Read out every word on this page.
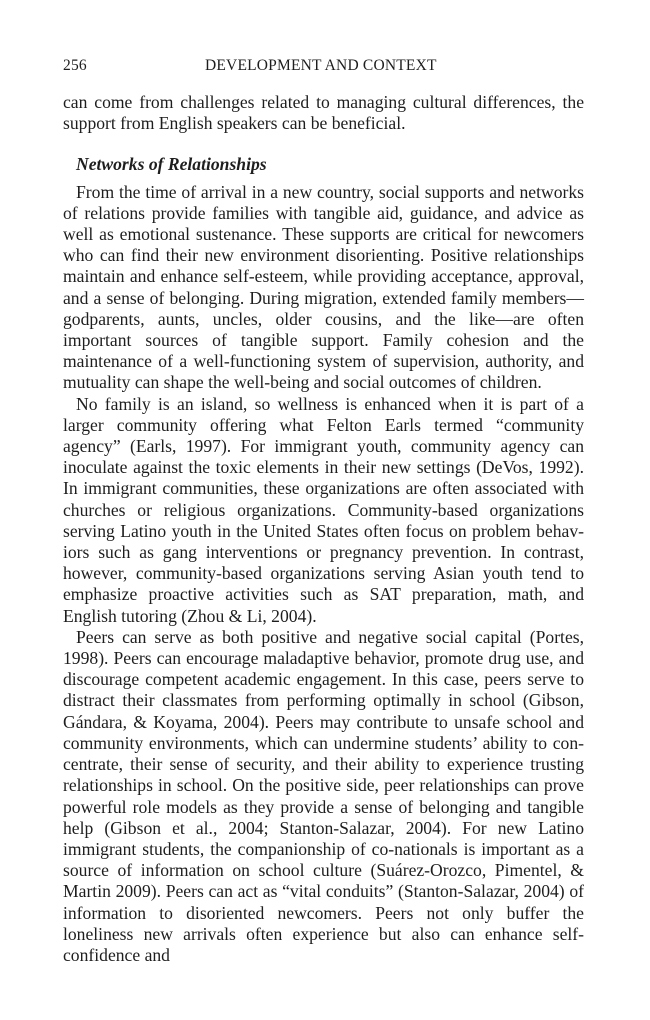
256	DEVELOPMENT AND CONTEXT

can come from challenges related to managing cultural differences, the support from English speakers can be beneficial.

Networks of Relationships

From the time of arrival in a new country, social supports and networks of relations provide families with tangible aid, guidance, and advice as well as emotional sustenance. These supports are critical for newcomers who can find their new environment disorienting. Positive relationships maintain and enhance self-esteem, while providing acceptance, approval, and a sense of belonging. During migration, extended family members—godparents, aunts, uncles, older cousins, and the like—are often important sources of tangible support. Family cohesion and the maintenance of a well-functioning system of supervision, authority, and mutuality can shape the well-being and social outcomes of children.

No family is an island, so wellness is enhanced when it is part of a larger community offering what Felton Earls termed “community agency” (Earls, 1997). For immigrant youth, community agency can inoculate against the toxic elements in their new settings (DeVos, 1992). In immigrant communities, these organizations are often associated with churches or religious organizations. Community-based organizations serving Latino youth in the United States often focus on problem behaviors such as gang interventions or pregnancy prevention. In contrast, however, community-based organizations serving Asian youth tend to emphasize proactive activities such as SAT preparation, math, and English tutoring (Zhou & Li, 2004).

Peers can serve as both positive and negative social capital (Portes, 1998). Peers can encourage maladaptive behavior, promote drug use, and discourage competent academic engagement. In this case, peers serve to distract their classmates from performing optimally in school (Gibson, Gándara, & Koyama, 2004). Peers may contribute to unsafe school and community environments, which can undermine students’ ability to concentrate, their sense of security, and their ability to experience trusting relationships in school. On the positive side, peer relationships can prove powerful role models as they provide a sense of belonging and tangible help (Gibson et al., 2004; Stanton-Salazar, 2004). For new Latino immigrant students, the companionship of co-nationals is important as a source of information on school culture (Suárez-Orozco, Pimentel, & Martin 2009). Peers can act as “vital conduits” (Stanton-Salazar, 2004) of information to disoriented newcomers. Peers not only buffer the loneliness new arrivals often experience but also can enhance self-confidence and
